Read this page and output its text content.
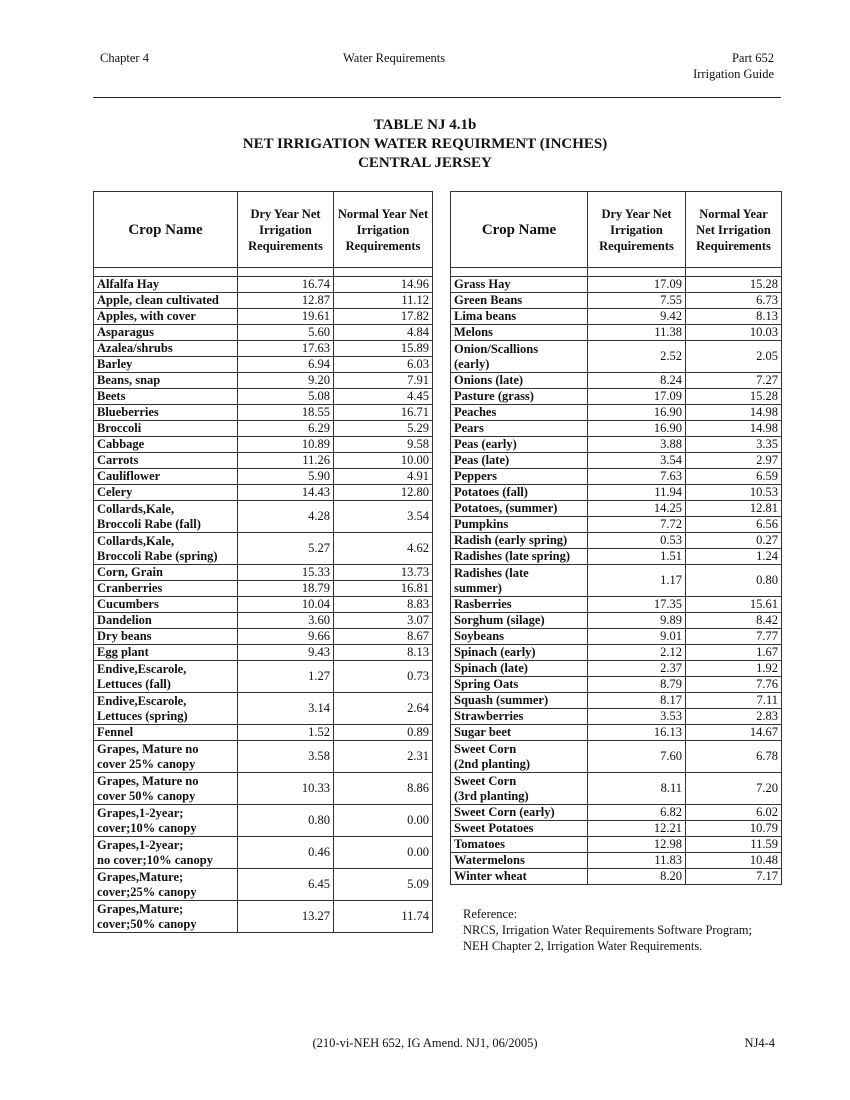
Chapter 4	Water Requirements	Part 652
Irrigation Guide
TABLE NJ 4.1b
NET IRRIGATION WATER REQUIRMENT (INCHES)
CENTRAL JERSEY
Crop Name	Dry Year Net Irrigation Requirements	Normal Year Net Irrigation Requirements

Alfalfa Hay	16.74	14.96

Apple, clean cultivated	12.87	11.12

Apples, with cover	19.61	17.82

Asparagus	5.60	4.84

Azalea/shrubs	17.63	15.89

Barley	6.94	6.03

Beans, snap	9.20	7.91

Beets	5.08	4.45

Blueberries	18.55	16.71

Broccoli	6.29	5.29

Cabbage	10.89	9.58

Carrots	11.26	10.00

Cauliflower	5.90	4.91

Celery	14.43	12.80

Collards,Kale,
Broccoli Rabe (fall)	4.28	3.54

Collards,Kale,
Broccoli Rabe (spring)	5.27	4.62

Corn, Grain	15.33	13.73

Cranberries	18.79	16.81

Cucumbers	10.04	8.83

Dandelion	3.60	3.07

Dry beans	9.66	8.67

Egg plant	9.43	8.13

Endive,Escarole,
Lettuces (fall)	1.27	0.73

Endive,Escarole,
Lettuces (spring)	3.14	2.64

Fennel	1.52	0.89

Grapes, Mature no
cover 25% canopy	3.58	2.31

Grapes, Mature no
cover 50% canopy	10.33	8.86

Grapes,1-2year;
cover;10% canopy	0.80	0.00

Grapes,1-2year;
no cover;10% canopy	0.46	0.00

Grapes,Mature;
cover;25% canopy	6.45	5.09

Grapes,Mature;
cover;50% canopy	13.27	11.74
Crop Name	Dry Year Net Irrigation Requirements	Normal Year Net Irrigation Requirements

Grass Hay	17.09	15.28

Green Beans	7.55	6.73

Lima beans	9.42	8.13

Melons	11.38	10.03

Onion/Scallions
(early)	2.52	2.05

Onions (late)	8.24	7.27

Pasture (grass)	17.09	15.28

Peaches	16.90	14.98

Pears	16.90	14.98

Peas (early)	3.88	3.35

Peas (late)	3.54	2.97

Peppers	7.63	6.59

Potatoes (fall)	11.94	10.53

Potatoes, (summer)	14.25	12.81

Pumpkins	7.72	6.56

Radish (early spring)	0.53	0.27

Radishes (late spring)	1.51	1.24

Radishes (late
summer)	1.17	0.80

Rasberries	17.35	15.61

Sorghum (silage)	9.89	8.42

Soybeans	9.01	7.77

Spinach (early)	2.12	1.67

Spinach (late)	2.37	1.92

Spring Oats	8.79	7.76

Squash (summer)	8.17	7.11

Strawberries	3.53	2.83

Sugar beet	16.13	14.67

Sweet Corn
(2nd planting)	7.60	6.78

Sweet Corn
(3rd planting)	8.11	7.20

Sweet Corn (early)	6.82	6.02

Sweet Potatoes	12.21	10.79

Tomatoes	12.98	11.59

Watermelons	11.83	10.48

Winter wheat	8.20	7.17
Reference:
NRCS, Irrigation Water Requirements Software Program; NEH Chapter 2, Irrigation Water Requirements.
(210-vi-NEH 652, IG Amend. NJ1, 06/2005)	NJ4-4
